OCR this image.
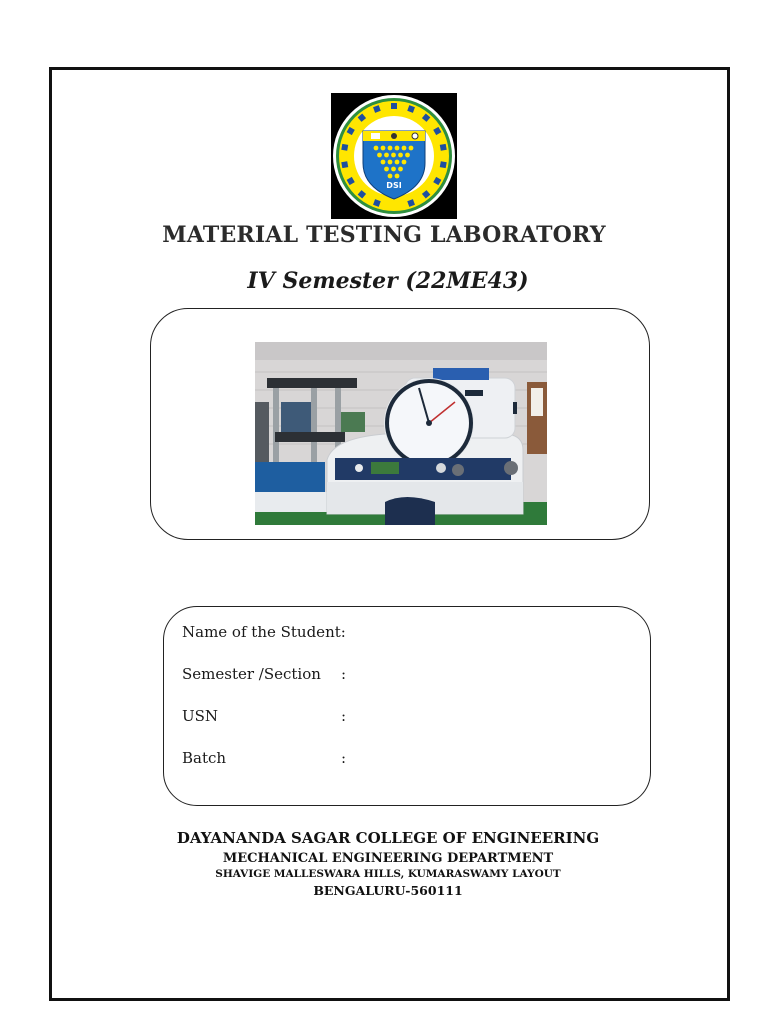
DSI
MATERIAL TESTING LABORATORY
IV Semester (22ME43)
Name of the Student:
Semester /Section :
USN	:
Batch	:
DAYANANDA SAGAR COLLEGE OF ENGINEERING
MECHANICAL ENGINEERING DEPARTMENT
SHAVIGE MALLESWARA HILLS, KUMARASWAMY LAYOUT
BENGALURU-560111
